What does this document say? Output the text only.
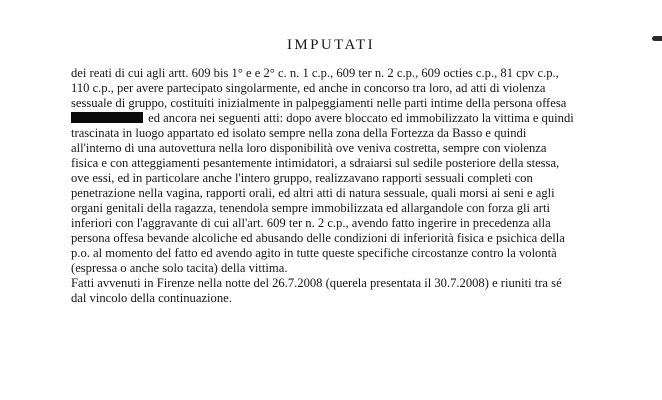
IMPUTATI
dei reati di cui agli artt. 609 bis 1° e e 2° c. n. 1 c.p., 609 ter n. 2 c.p., 609 octies c.p., 81 cpv c.p.,
110 c.p., per avere partecipato singolarmente, ed anche in concorso tra loro, ad atti di violenza
sessuale di gruppo, costituiti inizialmente in palpeggiamenti nelle parti intime della persona offesa
ed ancora nei seguenti atti: dopo avere bloccato ed immobilizzato la vittima e quindi
trascinata in luogo appartato ed isolato sempre nella zona della Fortezza da Basso e quindi
all'interno di una autovettura nella loro disponibilità ove veniva costretta, sempre con violenza
fisica e con atteggiamenti pesantemente intimidatori, a sdraiarsi sul sedile posteriore della stessa,
ove essi, ed in particolare anche l'intero gruppo, realizzavano rapporti sessuali completi con
penetrazione nella vagina, rapporti orali, ed altri atti di natura sessuale, quali morsi ai seni e agli
organi genitali della ragazza, tenendola sempre immobilizzata ed allargandole con forza gli arti
inferiori con l'aggravante di cui all'art. 609 ter n. 2 c.p., avendo fatto ingerire in precedenza alla
persona offesa bevande alcoliche ed abusando delle condizioni di inferiorità fisica e psichica della
p.o. al momento del fatto ed avendo agito in tutte queste specifiche circostanze contro la volontà
(espressa o anche solo tacita) della vittima.
Fatti avvenuti in Firenze nella notte del 26.7.2008 (querela presentata il 30.7.2008) e riuniti tra sé
dal vincolo della continuazione.
